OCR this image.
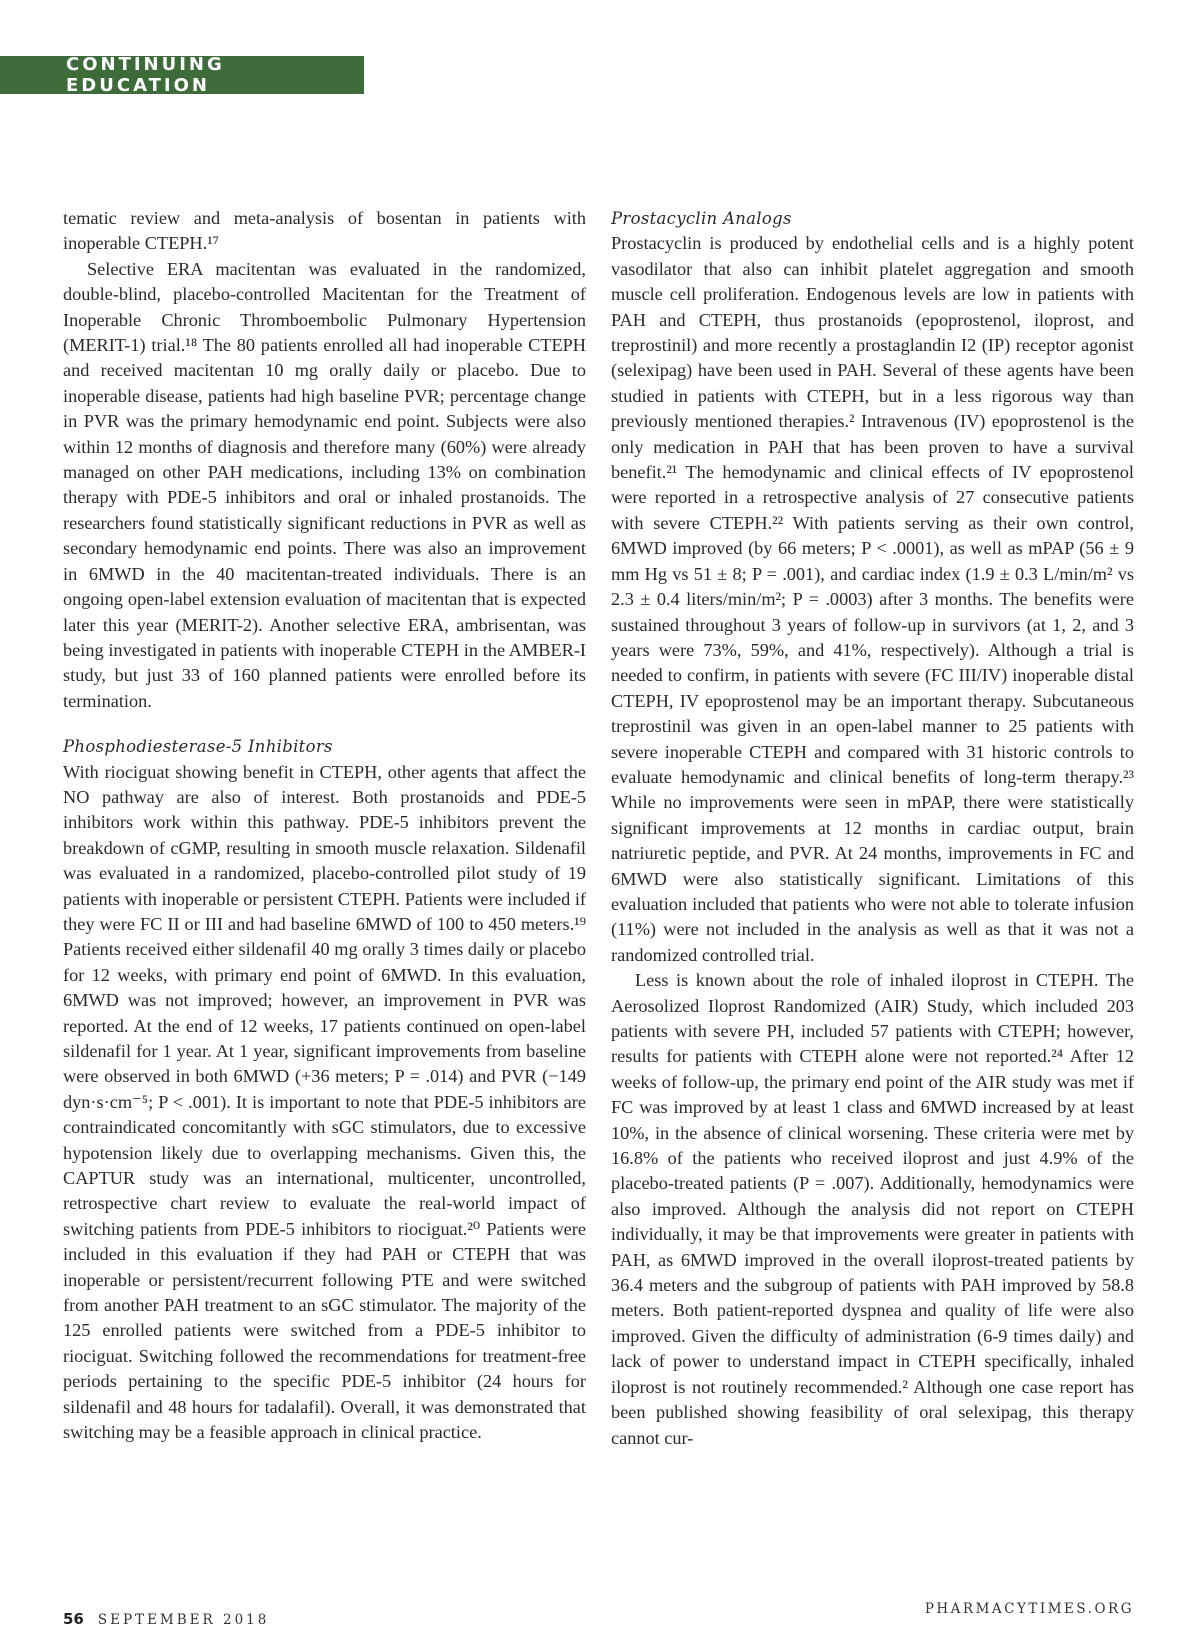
CONTINUING EDUCATION

tematic review and meta-analysis of bosentan in patients with inoperable CTEPH.¹⁷

Selective ERA macitentan was evaluated in the randomized, double-blind, placebo-controlled Macitentan for the Treatment of Inoperable Chronic Thromboembolic Pulmonary Hypertension (MERIT-1) trial.¹⁸ The 80 patients enrolled all had inoperable CTEPH and received macitentan 10 mg orally daily or placebo. Due to inoperable disease, patients had high baseline PVR; percentage change in PVR was the primary hemodynamic end point. Subjects were also within 12 months of diagnosis and therefore many (60%) were already managed on other PAH medications, including 13% on combination therapy with PDE-5 inhibitors and oral or inhaled prostanoids. The researchers found statistically significant reductions in PVR as well as secondary hemodynamic end points. There was also an improvement in 6MWD in the 40 macitentan-treated individuals. There is an ongoing open-label extension evaluation of macitentan that is expected later this year (MERIT-2). Another selective ERA, ambrisentan, was being investigated in patients with inoperable CTEPH in the AMBER-I study, but just 33 of 160 planned patients were enrolled before its termination.

Phosphodiesterase-5 Inhibitors

With riociguat showing benefit in CTEPH, other agents that affect the NO pathway are also of interest. Both prostanoids and PDE-5 inhibitors work within this pathway. PDE-5 inhibitors prevent the breakdown of cGMP, resulting in smooth muscle relaxation. Sildenafil was evaluated in a randomized, placebo-controlled pilot study of 19 patients with inoperable or persistent CTEPH. Patients were included if they were FC II or III and had baseline 6MWD of 100 to 450 meters.¹⁹ Patients received either sildenafil 40 mg orally 3 times daily or placebo for 12 weeks, with primary end point of 6MWD. In this evaluation, 6MWD was not improved; however, an improvement in PVR was reported. At the end of 12 weeks, 17 patients continued on open-label sildenafil for 1 year. At 1 year, significant improvements from baseline were observed in both 6MWD (+36 meters; P = .014) and PVR (−149 dyn·s·cm⁻⁵; P < .001). It is important to note that PDE-5 inhibitors are contraindicated concomitantly with sGC stimulators, due to excessive hypotension likely due to overlapping mechanisms. Given this, the CAPTUR study was an international, multicenter, uncontrolled, retrospective chart review to evaluate the real-world impact of switching patients from PDE-5 inhibitors to riociguat.²⁰ Patients were included in this evaluation if they had PAH or CTEPH that was inoperable or persistent/recurrent following PTE and were switched from another PAH treatment to an sGC stimulator. The majority of the 125 enrolled patients were switched from a PDE-5 inhibitor to riociguat. Switching followed the recommendations for treatment-free periods pertaining to the specific PDE-5 inhibitor (24 hours for sildenafil and 48 hours for tadalafil). Overall, it was demonstrated that switching may be a feasible approach in clinical practice.

Prostacyclin Analogs

Prostacyclin is produced by endothelial cells and is a highly potent vasodilator that also can inhibit platelet aggregation and smooth muscle cell proliferation. Endogenous levels are low in patients with PAH and CTEPH, thus prostanoids (epoprostenol, iloprost, and treprostinil) and more recently a prostaglandin I2 (IP) receptor agonist (selexipag) have been used in PAH. Several of these agents have been studied in patients with CTEPH, but in a less rigorous way than previously mentioned therapies.² Intravenous (IV) epoprostenol is the only medication in PAH that has been proven to have a survival benefit.²¹ The hemodynamic and clinical effects of IV epoprostenol were reported in a retrospective analysis of 27 consecutive patients with severe CTEPH.²² With patients serving as their own control, 6MWD improved (by 66 meters; P < .0001), as well as mPAP (56 ± 9 mm Hg vs 51 ± 8; P = .001), and cardiac index (1.9 ± 0.3 L/min/m² vs 2.3 ± 0.4 liters/min/m²; P = .0003) after 3 months. The benefits were sustained throughout 3 years of follow-up in survivors (at 1, 2, and 3 years were 73%, 59%, and 41%, respectively). Although a trial is needed to confirm, in patients with severe (FC III/IV) inoperable distal CTEPH, IV epoprostenol may be an important therapy. Subcutaneous treprostinil was given in an open-label manner to 25 patients with severe inoperable CTEPH and compared with 31 historic controls to evaluate hemodynamic and clinical benefits of long-term therapy.²³ While no improvements were seen in mPAP, there were statistically significant improvements at 12 months in cardiac output, brain natriuretic peptide, and PVR. At 24 months, improvements in FC and 6MWD were also statistically significant. Limitations of this evaluation included that patients who were not able to tolerate infusion (11%) were not included in the analysis as well as that it was not a randomized controlled trial.

Less is known about the role of inhaled iloprost in CTEPH. The Aerosolized Iloprost Randomized (AIR) Study, which included 203 patients with severe PH, included 57 patients with CTEPH; however, results for patients with CTEPH alone were not reported.²⁴ After 12 weeks of follow-up, the primary end point of the AIR study was met if FC was improved by at least 1 class and 6MWD increased by at least 10%, in the absence of clinical worsening. These criteria were met by 16.8% of the patients who received iloprost and just 4.9% of the placebo-treated patients (P = .007). Additionally, hemodynamics were also improved. Although the analysis did not report on CTEPH individually, it may be that improvements were greater in patients with PAH, as 6MWD improved in the overall iloprost-treated patients by 36.4 meters and the subgroup of patients with PAH improved by 58.8 meters. Both patient-reported dyspnea and quality of life were also improved. Given the difficulty of administration (6-9 times daily) and lack of power to understand impact in CTEPH specifically, inhaled iloprost is not routinely recommended.² Although one case report has been published showing feasibility of oral selexipag, this therapy cannot cur-

56 SEPTEMBER 2018
PHARMACYTIMES.ORG
